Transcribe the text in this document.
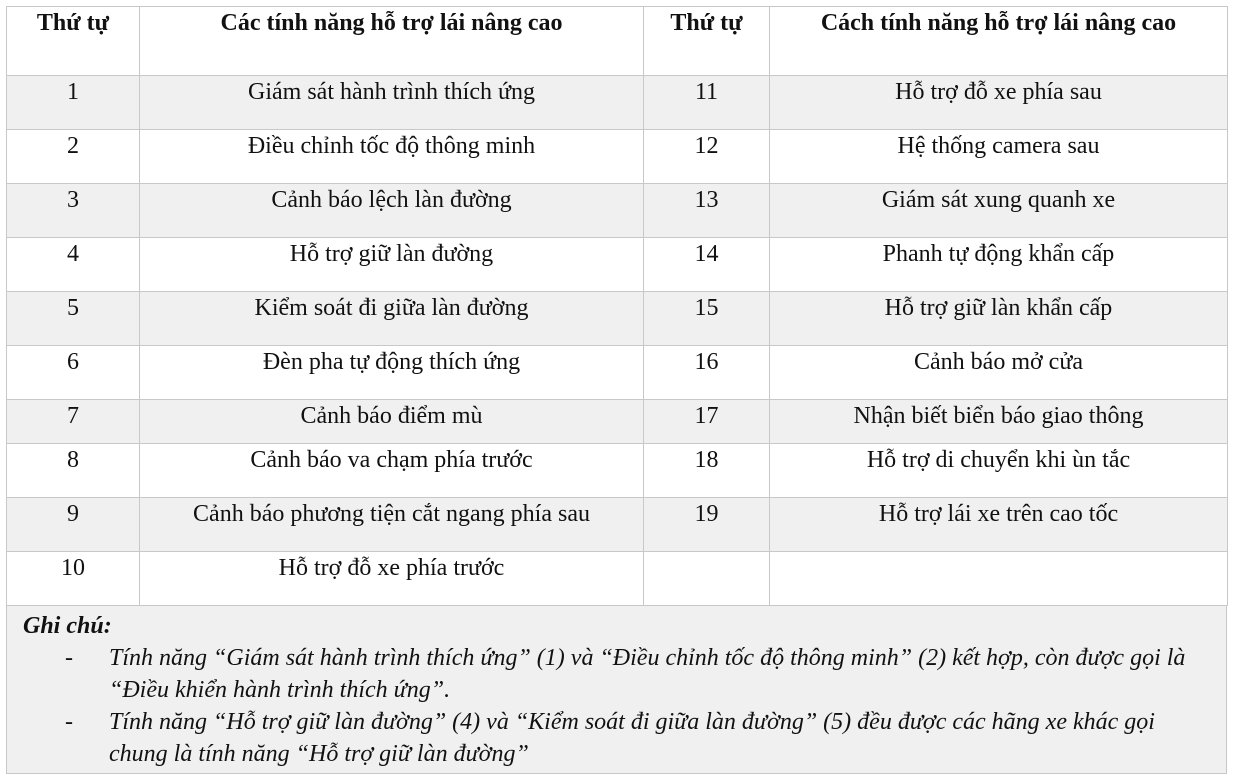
Thứ tự	Các tính năng hỗ trợ lái nâng cao	Thứ tự	Cách tính năng hỗ trợ lái nâng cao
1	Giám sát hành trình thích ứng	11	Hỗ trợ đỗ xe phía sau
2	Điều chỉnh tốc độ thông minh	12	Hệ thống camera sau
3	Cảnh báo lệch làn đường	13	Giám sát xung quanh xe
4	Hỗ trợ giữ làn đường	14	Phanh tự động khẩn cấp
5	Kiểm soát đi giữa làn đường	15	Hỗ trợ giữ làn khẩn cấp
6	Đèn pha tự động thích ứng	16	Cảnh báo mở cửa
7	Cảnh báo điểm mù	17	Nhận biết biển báo giao thông
8	Cảnh báo va chạm phía trước	18	Hỗ trợ di chuyển khi ùn tắc
9	Cảnh báo phương tiện cắt ngang phía sau	19	Hỗ trợ lái xe trên cao tốc
10	Hỗ trợ đỗ xe phía trước		
Ghi chú:
- Tính năng “Giám sát hành trình thích ứng” (1) và “Điều chỉnh tốc độ thông minh” (2) kết hợp, còn được gọi là “Điều khiển hành trình thích ứng”.
- Tính năng “Hỗ trợ giữ làn đường” (4) và “Kiểm soát đi giữa làn đường” (5) đều được các hãng xe khác gọi chung là tính năng “Hỗ trợ giữ làn đường”
